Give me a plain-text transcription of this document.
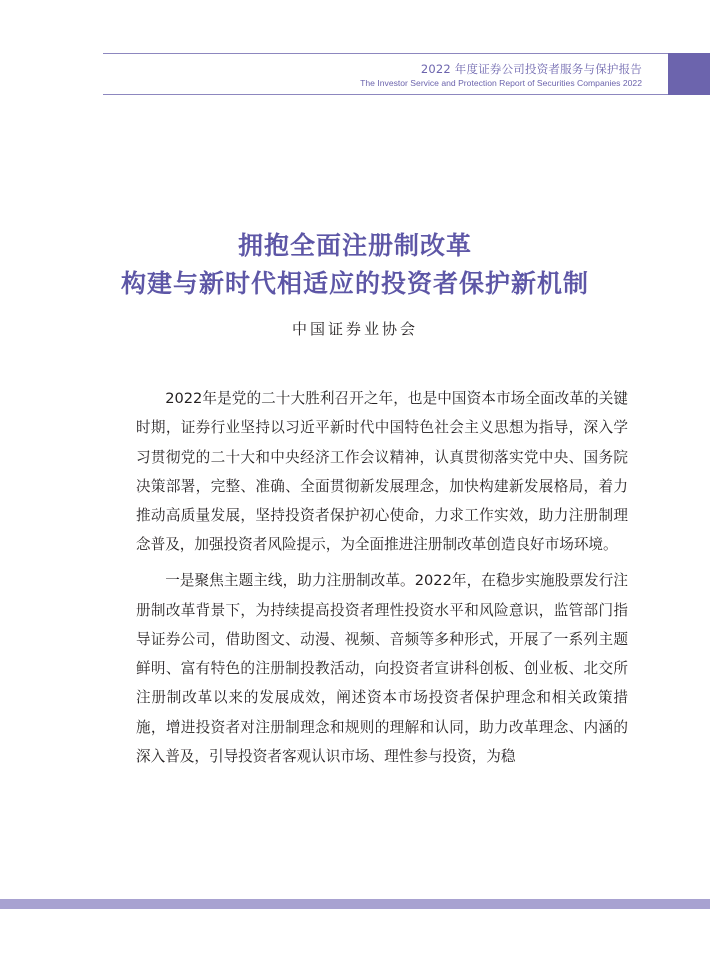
2022 年度证券公司投资者服务与保护报告
The Investor Service and Protection Report of Securities Companies 2022
拥抱全面注册制改革
构建与新时代相适应的投资者保护新机制
中国证券业协会

2022年是党的二十大胜利召开之年，也是中国资本市场全面改革的关键时期，证券行业坚持以习近平新时代中国特色社会主义思想为指导，深入学习贯彻党的二十大和中央经济工作会议精神，认真贯彻落实党中央、国务院决策部署，完整、准确、全面贯彻新发展理念，加快构建新发展格局，着力推动高质量发展，坚持投资者保护初心使命，力求工作实效，助力注册制理念普及，加强投资者风险提示，为全面推进注册制改革创造良好市场环境。

一是聚焦主题主线，助力注册制改革。2022年，在稳步实施股票发行注册制改革背景下，为持续提高投资者理性投资水平和风险意识，监管部门指导证券公司，借助图文、动漫、视频、音频等多种形式，开展了一系列主题鲜明、富有特色的注册制投教活动，向投资者宣讲科创板、创业板、北交所注册制改革以来的发展成效，阐述资本市场投资者保护理念和相关政策措施，增进投资者对注册制理念和规则的理解和认同，助力改革理念、内涵的深入普及，引导投资者客观认识市场、理性参与投资，为稳
